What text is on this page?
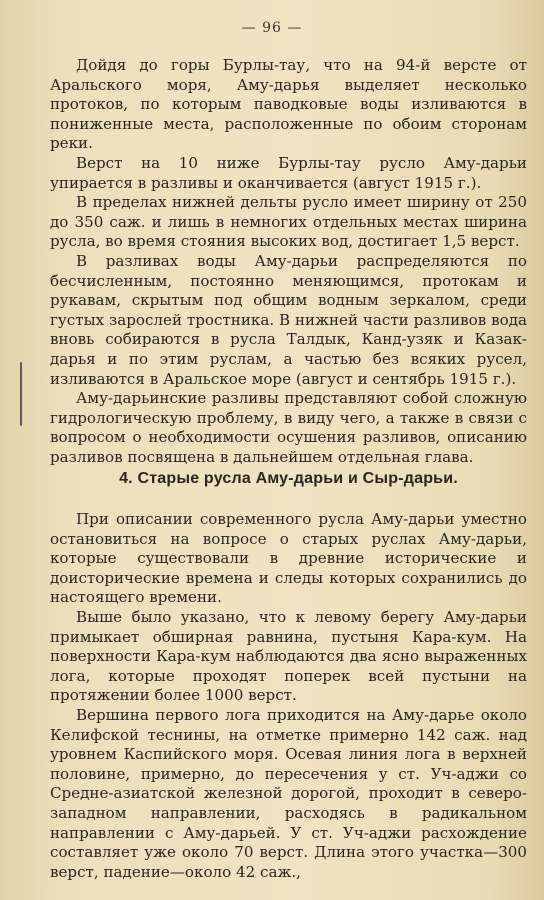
— 96 —

Дойдя до горы Бурлы-тау, что на 94-й версте от Аральского моря, Аму-дарья выделяет несколько протоков, по которым паводковые воды изливаются в пониженные места, расположенные по обоим сторонам реки.

Верст на 10 ниже Бурлы-тау русло Аму-дарьи упирается в разливы и оканчивается (август 1915 г.).

В пределах нижней дельты русло имеет ширину от 250 до 350 саж. и лишь в немногих отдельных местах ширина русла, во время стояния высоких вод, достигает 1,5 верст.

В разливах воды Аму-дарьи распределяются по бесчисленным, постоянно меняющимся, протокам и рукавам, скрытым под общим водным зеркалом, среди густых зарослей тростника. В нижней части разливов вода вновь собираются в русла Талдык, Канд-узяк и Казак-дарья и по этим руслам, а частью без всяких русел, изливаются в Аральское море (август и сентябрь 1915 г.).

Аму-дарьинские разливы представляют собой сложную гидрологическую проблему, в виду чего, а также в связи с вопросом о необходимости осушения разливов, описанию разливов посвящена в дальнейшем отдельная глава.

4. Старые русла Аму-дарьи и Сыр-дарьи.

При описании современного русла Аму-дарьи уместно остановиться на вопросе о старых руслах Аму-дарьи, которые существовали в древние исторические и доисторические времена и следы которых сохранились до настоящего времени.

Выше было указано, что к левому берегу Аму-дарьи примыкает обширная равнина, пустыня Кара-кум. На поверхности Кара-кум наблюдаются два ясно выраженных лога, которые проходят поперек всей пустыни на протяжении более 1000 верст.

Вершина первого лога приходится на Аму-дарье около Келифской теснины, на отметке примерно 142 саж. над уровнем Каспийского моря. Осевая линия лога в верхней половине, примерно, до пересечения у ст. Уч-аджи со Средне-азиатской железной дорогой, проходит в северо-западном направлении, расходясь в радикальном направлении с Аму-дарьей. У ст. Уч-аджи расхождение составляет уже около 70 верст. Длина этого участка—300 верст, падение—около 42 саж.,
